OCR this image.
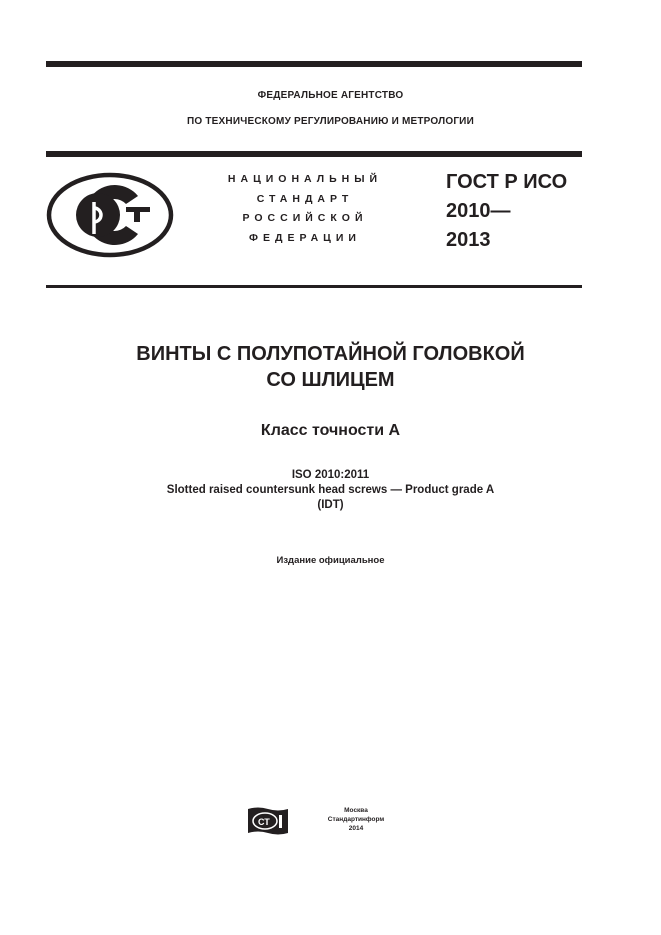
ФЕДЕРАЛЬНОЕ АГЕНТСТВО
ПО ТЕХНИЧЕСКОМУ РЕГУЛИРОВАНИЮ И МЕТРОЛОГИИ
НАЦИОНАЛЬНЫЙ
СТАНДАРТ
РОССИЙСКОЙ
ФЕДЕРАЦИИ
ГОСТ Р ИСО
2010—
2013
ВИНТЫ С ПОЛУПОТАЙНОЙ ГОЛОВКОЙ
СО ШЛИЦЕМ
Класс точности А
ISO 2010:2011
Slotted raised countersunk head screws — Product grade A
(IDT)
Издание официальное
СТ
Москва
Стандартинформ
2014
